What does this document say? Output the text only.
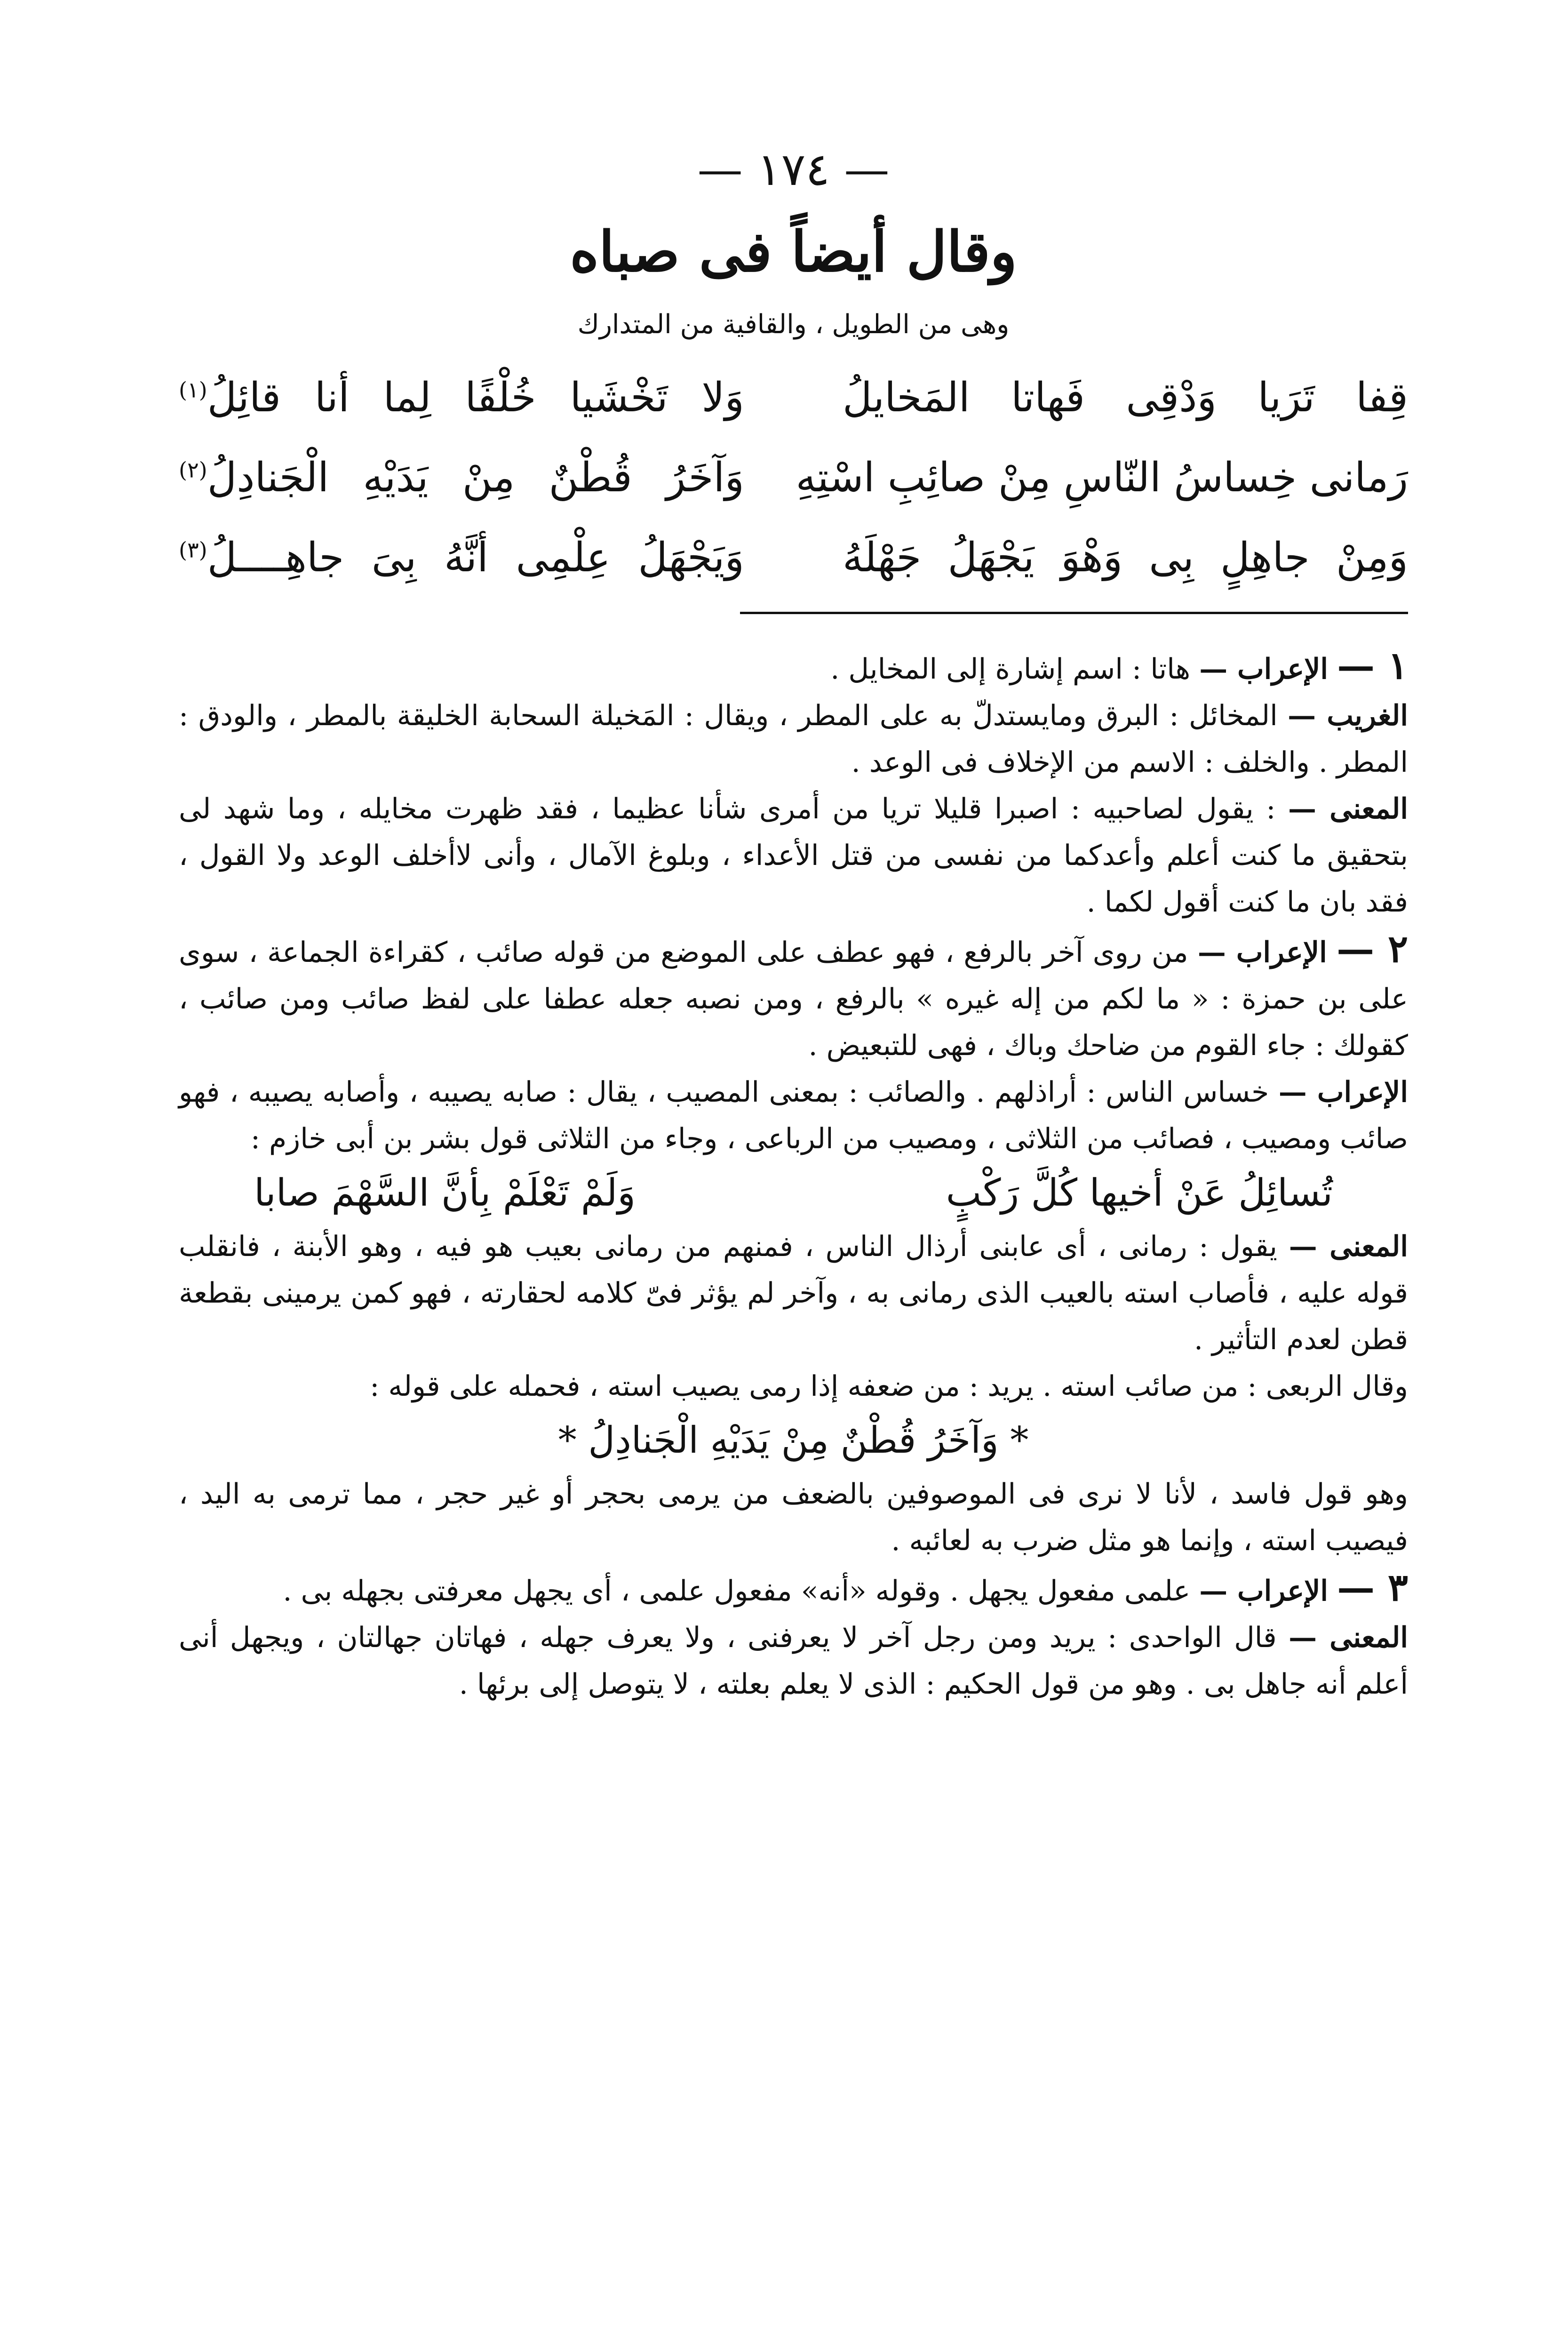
— ١٧٤ —
وقال أيضاً فى صباه
وهى من الطويل ، والقافية من المتدارك
قِفا تَرَيا وَدْقِى فَهاتا المَخايلُ
وَلا تَخْشَيا خُلْفًا لِما أنا قائِلُ$^{(١)}$
رَمانى خِساسُ النّاسِ مِنْ صائِبِ اسْتِهِ
وَآخَرُ قُطْنٌ مِنْ يَدَيْهِ الْجَنادِلُ$^{(٢)}$
وَمِنْ جاهِلٍ بِى وَهْوَ يَجْهَلُ جَهْلَهُ
وَيَجْهَلُ عِلْمِى أنَّهُ بِىَ جاهِــــلُ$^{(٣)}$

١ — الإعراب — هاتا : اسم إشارة إلى المخايل .

الغريب — المخائل : البرق ومايستدلّ به على المطر ، ويقال : المَخيلة السحابة الخليقة بالمطر ، والودق : المطر . والخلف : الاسم من الإخلاف فى الوعد .

المعنى — : يقول لصاحبيه : اصبرا قليلا تريا من أمرى شأنا عظيما ، فقد ظهرت مخايله ، وما شهد لى بتحقيق ما كنت أعلم وأعدكما من نفسى من قتل الأعداء ، وبلوغ الآمال ، وأنى لاأخلف الوعد ولا القول ، فقد بان ما كنت أقول لكما .

٢ — الإعراب — من روى آخر بالرفع ، فهو عطف على الموضع من قوله صائب ، كقراءة الجماعة ، سوى على بن حمزة : « ما لكم من إله غيره » بالرفع ، ومن نصبه جعله عطفا على لفظ صائب ومن صائب ، كقولك : جاء القوم من ضاحك وباك ، فهى للتبعيض .

الإعراب — خساس الناس : أراذلهم . والصائب : بمعنى المصيب ، يقال : صابه يصيبه ، وأصابه يصيبه ، فهو صائب ومصيب ، فصائب من الثلاثى ، ومصيب من الرباعى ، وجاء من الثلاثى قول بشر بن أبى خازم :

تُسائِلُ عَنْ أخيها كُلَّ رَكْبٍ
وَلَمْ تَعْلَمْ بِأنَّ السَّهْمَ صابا

المعنى — يقول : رمانى ، أى عابنى أرذال الناس ، فمنهم من رمانى بعيب هو فيه ، وهو الأبنة ، فانقلب قوله عليه ، فأصاب استه بالعيب الذى رمانى به ، وآخر لم يؤثر فىّ كلامه لحقارته ، فهو كمن يرمينى بقطعة قطن لعدم التأثير .

وقال الربعى : من صائب استه . يريد : من ضعفه إذا رمى يصيب استه ، فحمله على قوله :

* وَآخَرُ قُطْنٌ مِنْ يَدَيْهِ الْجَنادِلُ *

وهو قول فاسد ، لأنا لا نرى فى الموصوفين بالضعف من يرمى بحجر أو غير حجر ، مما ترمى به اليد ، فيصيب استه ، وإنما هو مثل ضرب به لعائبه .

٣ — الإعراب — علمى مفعول يجهل . وقوله «أنه» مفعول علمى ، أى يجهل معرفتى بجهله بى .

المعنى — قال الواحدى : يريد ومن رجل آخر لا يعرفنى ، ولا يعرف جهله ، فهاتان جهالتان ، ويجهل أنى أعلم أنه جاهل بى . وهو من قول الحكيم : الذى لا يعلم بعلته ، لا يتوصل إلى برئها .
